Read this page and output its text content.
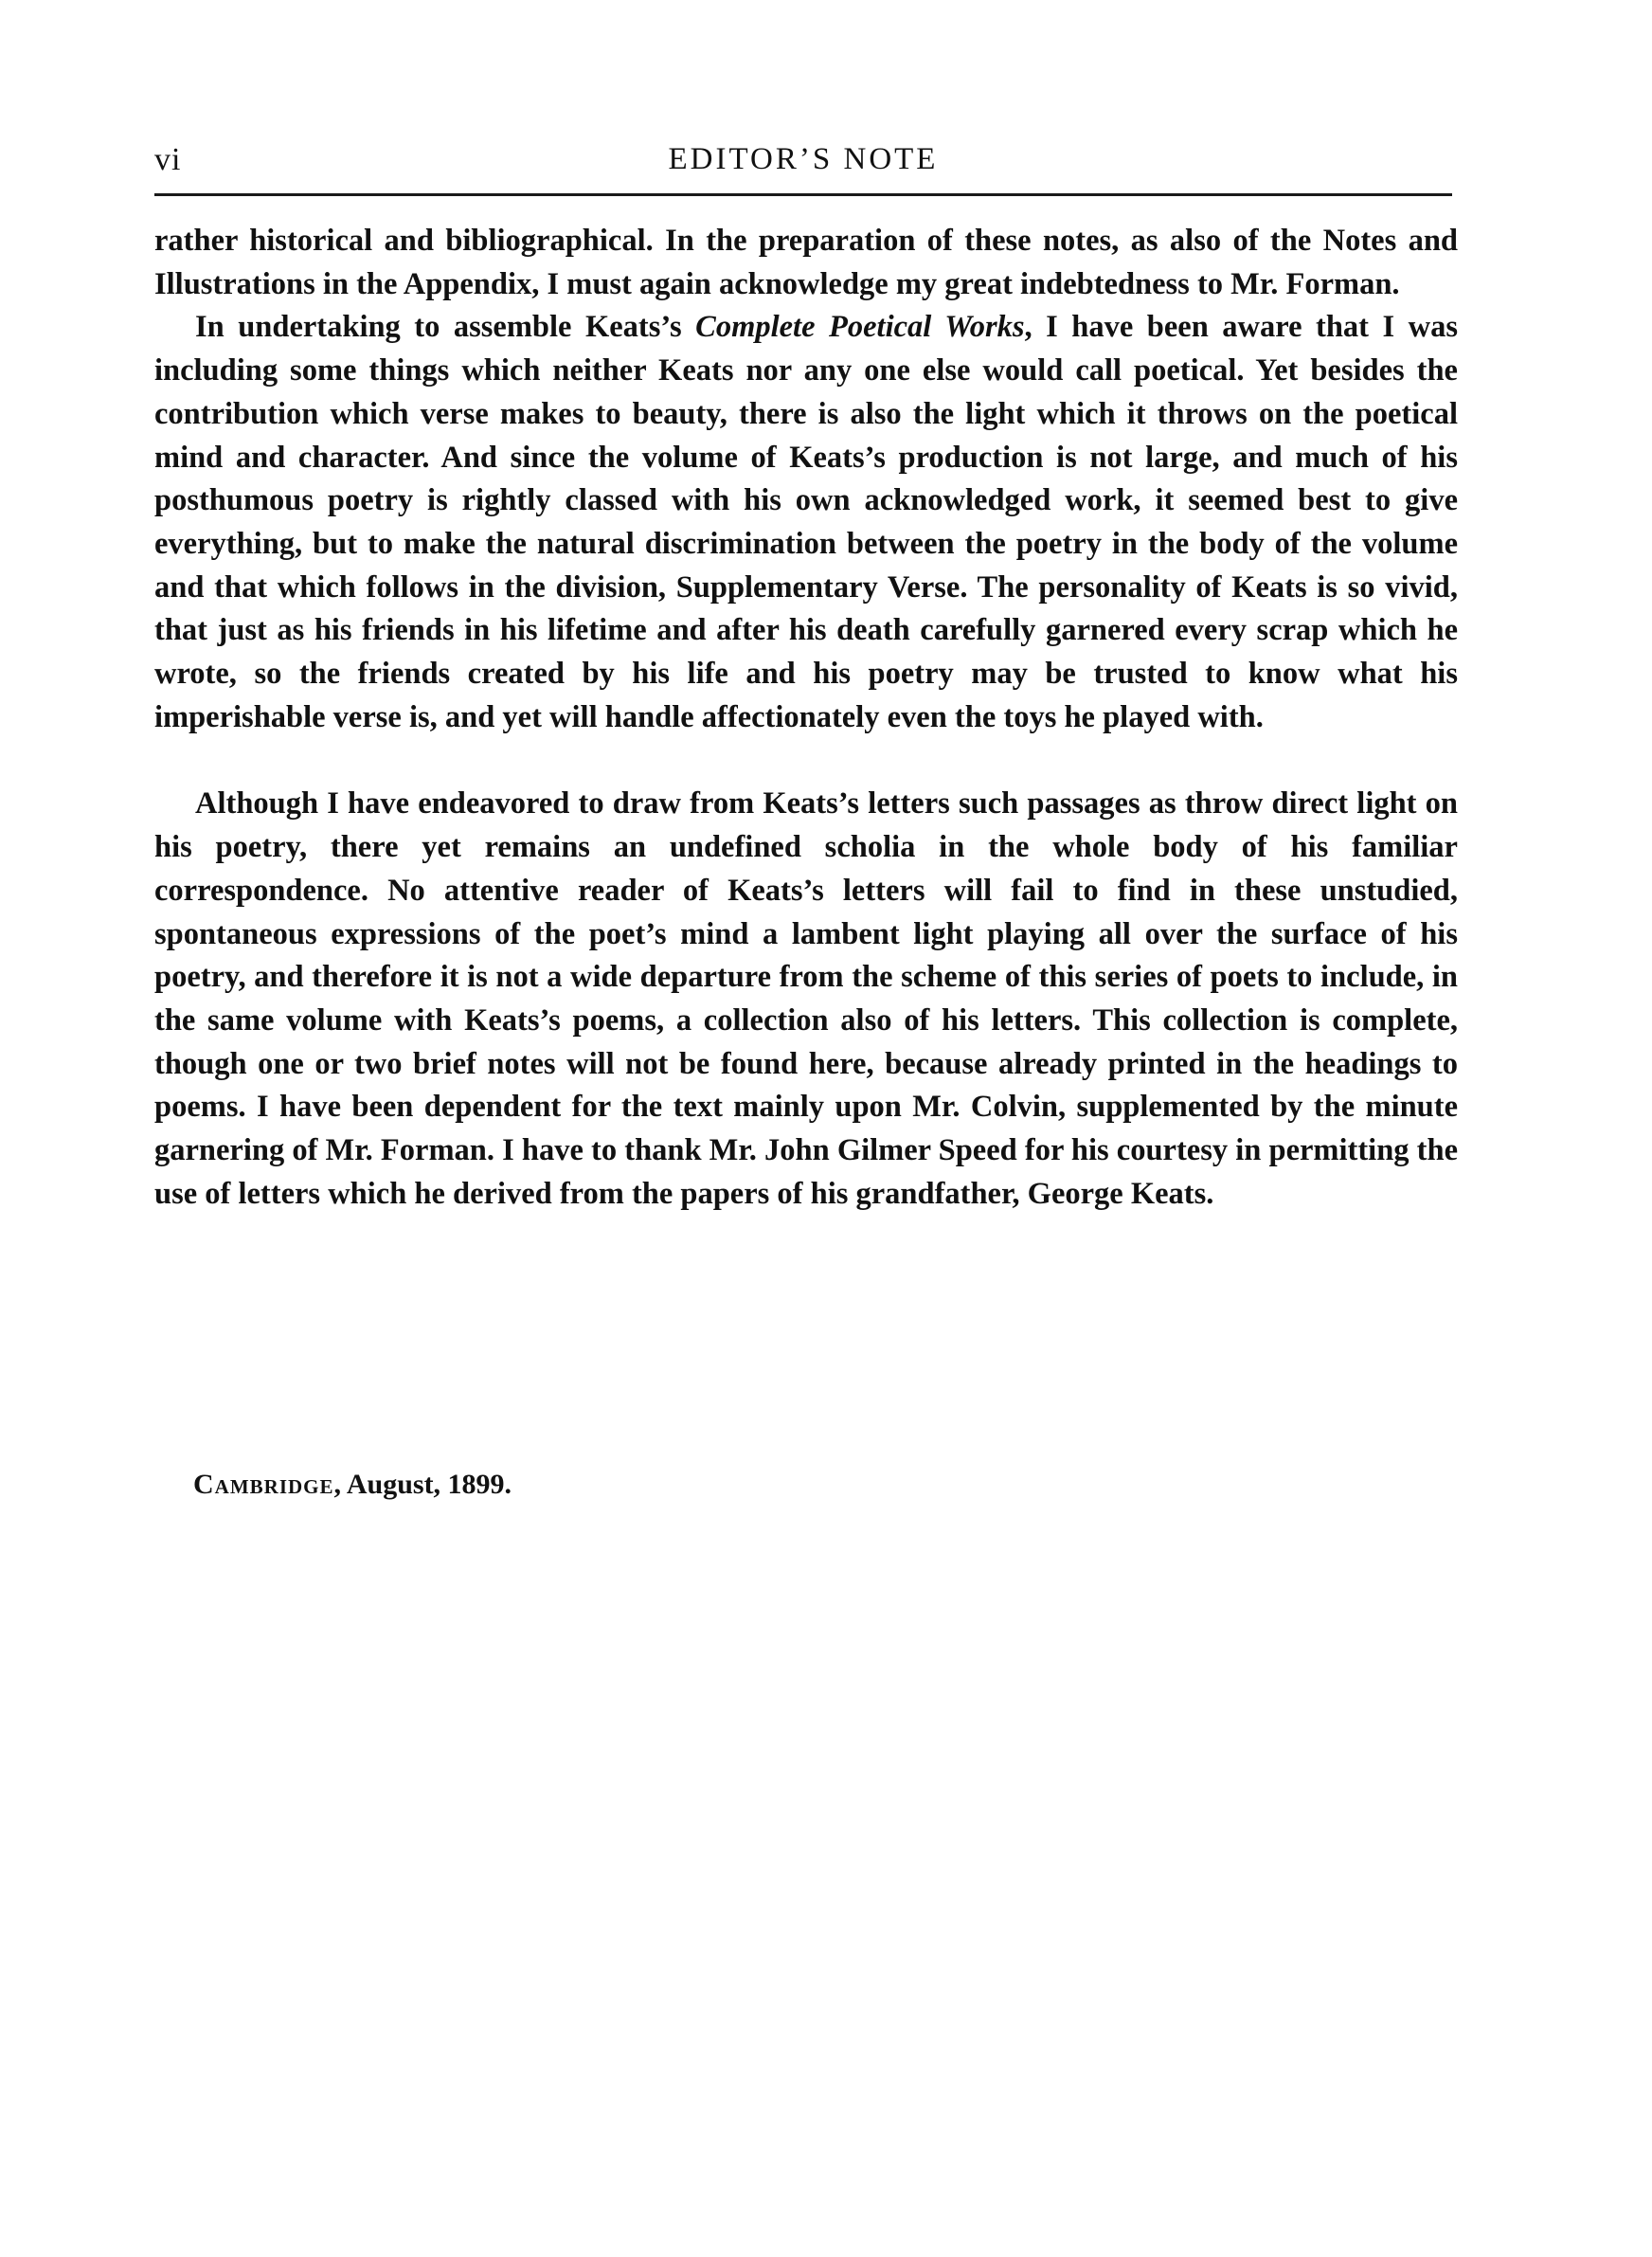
vi	EDITOR’S NOTE

rather historical and bibliographical. In the preparation of these notes, as also of the Notes and Illustrations in the Appendix, I must again acknowledge my great indebtedness to Mr. Forman.

In undertaking to assemble Keats’s Complete Poetical Works, I have been aware that I was including some things which neither Keats nor any one else would call poetical. Yet besides the contribution which verse makes to beauty, there is also the light which it throws on the poetical mind and character. And since the volume of Keats’s production is not large, and much of his posthumous poetry is rightly classed with his own acknowledged work, it seemed best to give everything, but to make the natural discrimination between the poetry in the body of the volume and that which follows in the division, Supplementary Verse. The personality of Keats is so vivid, that just as his friends in his lifetime and after his death carefully garnered every scrap which he wrote, so the friends created by his life and his poetry may be trusted to know what his imperishable verse is, and yet will handle affectionately even the toys he played with.

Although I have endeavored to draw from Keats’s letters such passages as throw direct light on his poetry, there yet remains an undefined scholia in the whole body of his familiar correspondence. No attentive reader of Keats’s letters will fail to find in these unstudied, spontaneous expressions of the poet’s mind a lambent light playing all over the surface of his poetry, and therefore it is not a wide departure from the scheme of this series of poets to include, in the same volume with Keats’s poems, a collection also of his letters. This collection is complete, though one or two brief notes will not be found here, because already printed in the headings to poems. I have been dependent for the text mainly upon Mr. Colvin, supplemented by the minute garnering of Mr. Forman. I have to thank Mr. John Gilmer Speed for his courtesy in permitting the use of letters which he derived from the papers of his grandfather, George Keats.

Cambridge, August, 1899.
